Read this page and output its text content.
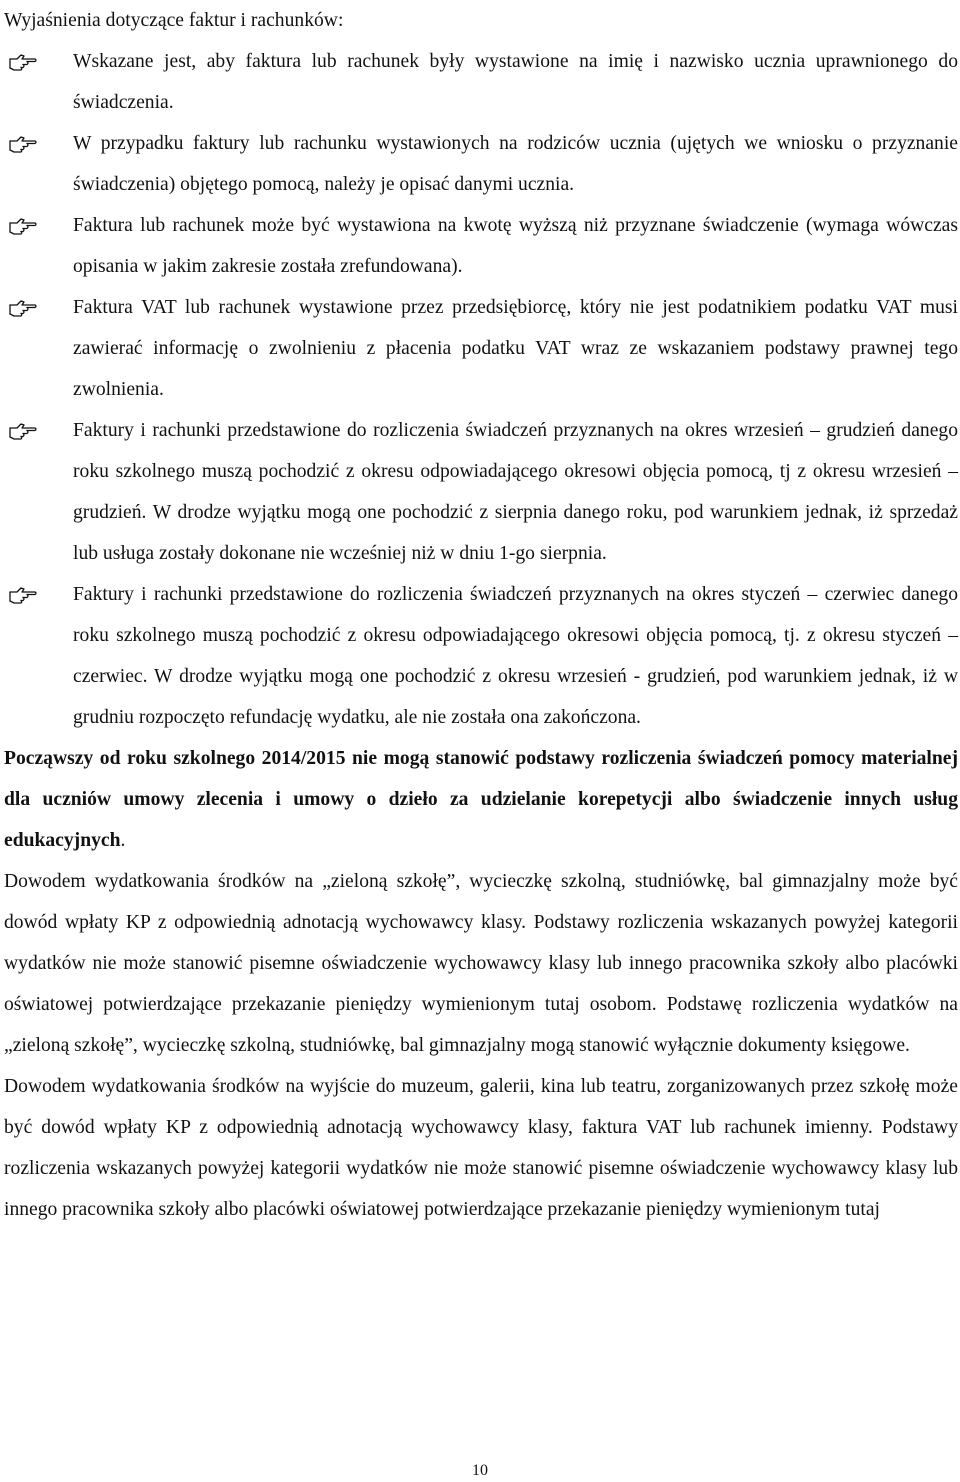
Wyjaśnienia dotyczące faktur i rachunków:

Wskazane jest, aby faktura lub rachunek były wystawione na imię i nazwisko ucznia uprawnionego do świadczenia.
W przypadku faktury lub rachunku wystawionych na rodziców ucznia (ujętych we wniosku o przyznanie świadczenia) objętego pomocą, należy je opisać danymi ucznia.
Faktura lub rachunek może być wystawiona na kwotę wyższą niż przyznane świadczenie (wymaga wówczas opisania w jakim zakresie została zrefundowana).
Faktura VAT lub rachunek wystawione przez przedsiębiorcę, który nie jest podatnikiem podatku VAT musi zawierać informację o zwolnieniu z płacenia podatku VAT wraz ze wskazaniem podstawy prawnej tego zwolnienia.
Faktury i rachunki przedstawione do rozliczenia świadczeń przyznanych na okres wrzesień – grudzień danego roku szkolnego muszą pochodzić z okresu odpowiadającego okresowi objęcia pomocą, tj z okresu wrzesień – grudzień. W drodze wyjątku mogą one pochodzić z sierpnia danego roku, pod warunkiem jednak, iż sprzedaż lub usługa zostały dokonane nie wcześniej niż w dniu 1-go sierpnia.
Faktury i rachunki przedstawione do rozliczenia świadczeń przyznanych na okres styczeń – czerwiec danego roku szkolnego muszą pochodzić z okresu odpowiadającego okresowi objęcia pomocą, tj. z okresu styczeń – czerwiec. W drodze wyjątku mogą one pochodzić z okresu wrzesień - grudzień, pod warunkiem jednak, iż w grudniu rozpoczęto refundację wydatku, ale nie została ona zakończona.

Począwszy od roku szkolnego 2014/2015 nie mogą stanowić podstawy rozliczenia świadczeń pomocy materialnej dla uczniów umowy zlecenia i umowy o dzieło za udzielanie korepetycji albo świadczenie innych usług edukacyjnych.

Dowodem wydatkowania środków na „zieloną szkołę”, wycieczkę szkolną, studniówkę, bal gimnazjalny może być dowód wpłaty KP z odpowiednią adnotacją wychowawcy klasy. Podstawy rozliczenia wskazanych powyżej kategorii wydatków nie może stanowić pisemne oświadczenie wychowawcy klasy lub innego pracownika szkoły albo placówki oświatowej potwierdzające przekazanie pieniędzy wymienionym tutaj osobom. Podstawę rozliczenia wydatków na „zieloną szkołę”, wycieczkę szkolną, studniówkę, bal gimnazjalny mogą stanowić wyłącznie dokumenty księgowe.

Dowodem wydatkowania środków na wyjście do muzeum, galerii, kina lub teatru, zorganizowanych przez szkołę może być dowód wpłaty KP z odpowiednią adnotacją wychowawcy klasy, faktura VAT lub rachunek imienny. Podstawy rozliczenia wskazanych powyżej kategorii wydatków nie może stanowić pisemne oświadczenie wychowawcy klasy lub innego pracownika szkoły albo placówki oświatowej potwierdzające przekazanie pieniędzy wymienionym tutaj

10
